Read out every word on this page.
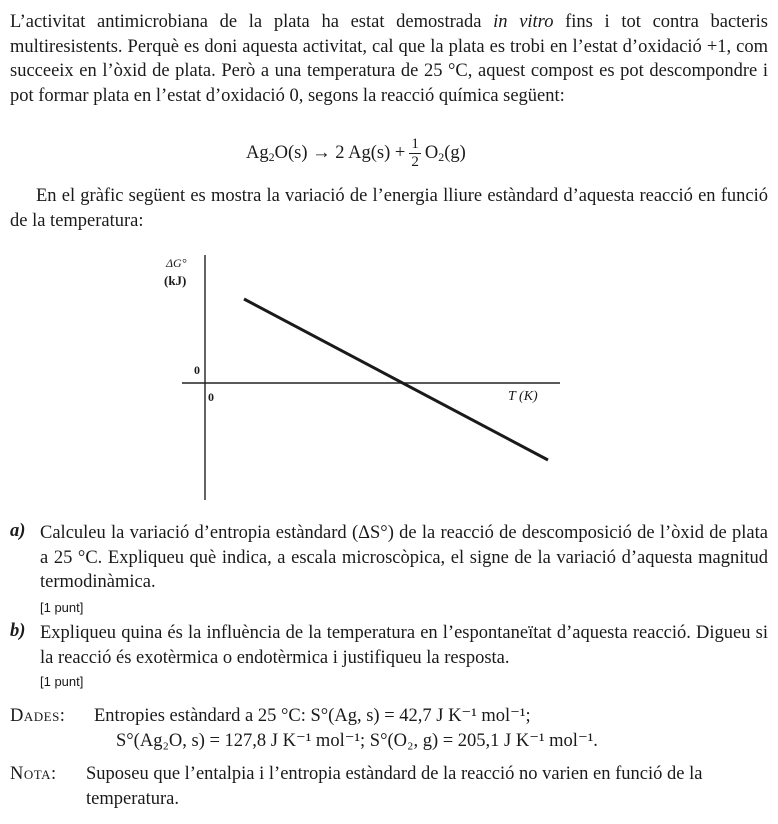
L’activitat antimicrobiana de la plata ha estat demostrada in vitro fins i tot contra bacteris multiresistents. Perquè es doni aquesta activitat, cal que la plata es trobi en l’estat d’oxidació +1, com succeeix en l’òxid de plata. Però a una temperatura de 25 °C, aquest compost es pot descompondre i pot formar plata en l’estat d’oxidació 0, segons la reacció química següent:
$Ag_2O(s) \to 2$ $Ag(s) + \frac{1}{2} O_2(g)$
En el gràfic següent es mostra la variació de l’energia lliure estàndard d’aquesta reacció en funció de la temperatura:
ΔG°
(kJ)
0
0	T (K)
a) Calculeu la variació d’entropia estàndard (ΔS°) de la reacció de descomposició de l’òxid de plata a 25 °C. Expliqueu què indica, a escala microscòpica, el signe de la variació d’aquesta magnitud termodinàmica.
[1 punt]
b) Expliqueu quina és la influència de la temperatura en l’espontaneïtat d’aquesta reacció. Digueu si la reacció és exotèrmica o endotèrmica i justifiqueu la resposta.
[1 punt]
Dades: Entropies estàndard a 25 °C: S°(Ag, s) = 42,7 J K⁻¹ mol⁻¹;
S°(Ag₂O, s) = 127,8 J K⁻¹ mol⁻¹; S°(O₂, g) = 205,1 J K⁻¹ mol⁻¹.
Nota: Suposeu que l’entalpia i l’entropia estàndard de la reacció no varien en funció de la temperatura.
